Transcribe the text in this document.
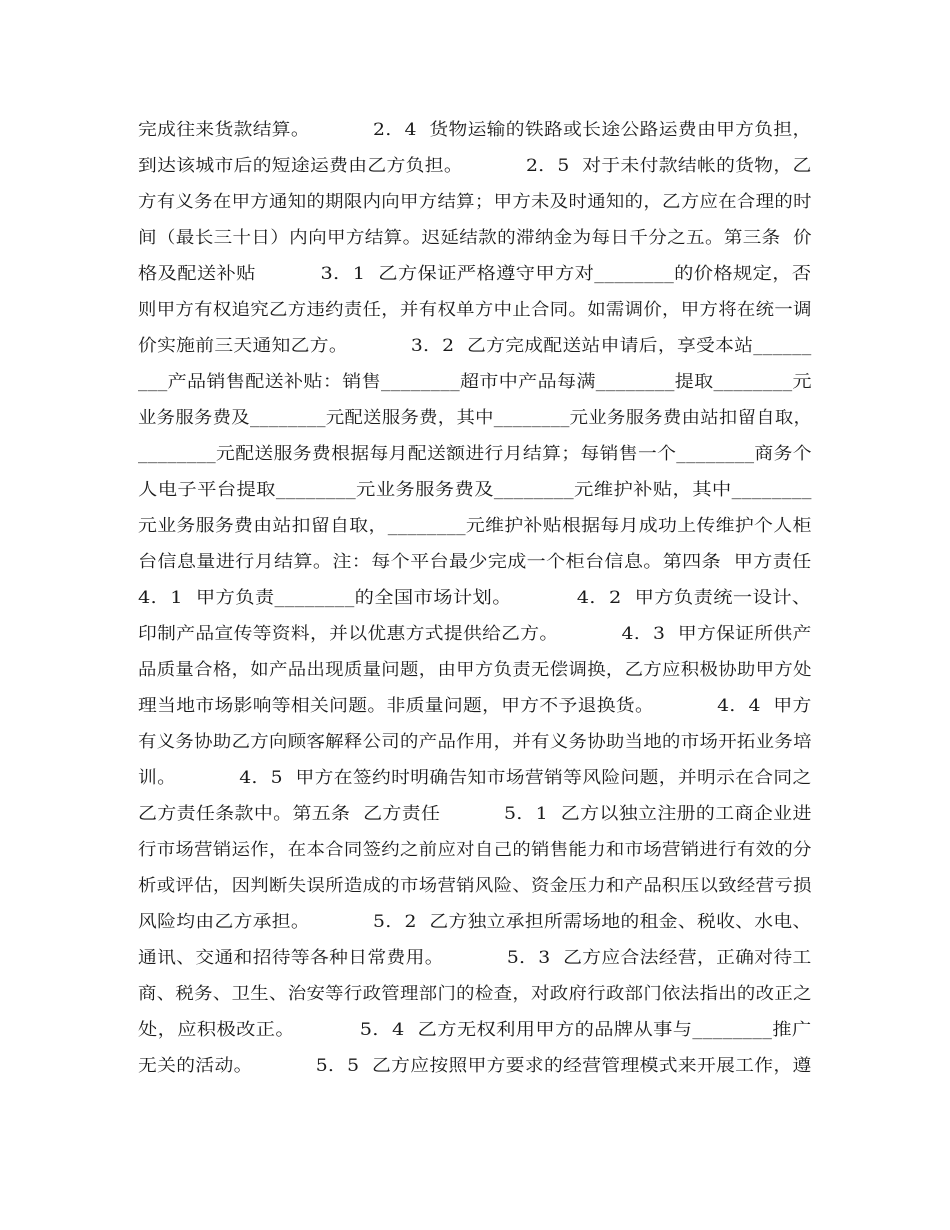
完成往来货款结算。          2．4  货物运输的铁路或长途公路运费由甲方负担，
到达该城市后的短途运费由乙方负担。          2．5  对于未付款结帐的货物，乙
方有义务在甲方通知的期限内向甲方结算；甲方未及时通知的，乙方应在合理的时
间（最长三十日）内向甲方结算。迟延结款的滞纳金为每日千分之五。第三条  价
格及配送补贴          3．1  乙方保证严格遵守甲方对________的价格规定，否
则甲方有权追究乙方违约责任，并有权单方中止合同。如需调价，甲方将在统一调
价实施前三天通知乙方。          3．2  乙方完成配送站申请后，享受本站______
___产品销售配送补贴：销售________超市中产品每满________提取________元
业务服务费及________元配送服务费，其中________元业务服务费由站扣留自取，
________元配送服务费根据每月配送额进行月结算；每销售一个________商务个
人电子平台提取________元业务服务费及________元维护补贴，其中________
元业务服务费由站扣留自取，________元维护补贴根据每月成功上传维护个人柜
台信息量进行月结算。注：每个平台最少完成一个柜台信息。第四条  甲方责任
4．1  甲方负责________的全国市场计划。          4．2  甲方负责统一设计、
印制产品宣传等资料，并以优惠方式提供给乙方。          4．3  甲方保证所供产
品质量合格，如产品出现质量问题，由甲方负责无偿调换，乙方应积极协助甲方处
理当地市场影响等相关问题。非质量问题，甲方不予退换货。          4．4  甲方
有义务协助乙方向顾客解释公司的产品作用，并有义务协助当地的市场开拓业务培
训。          4．5  甲方在签约时明确告知市场营销等风险问题，并明示在合同之
乙方责任条款中。第五条  乙方责任          5．1  乙方以独立注册的工商企业进
行市场营销运作，在本合同签约之前应对自己的销售能力和市场营销进行有效的分
析或评估，因判断失误所造成的市场营销风险、资金压力和产品积压以致经营亏损
风险均由乙方承担。          5．2  乙方独立承担所需场地的租金、税收、水电、
通讯、交通和招待等各种日常费用。          5．3  乙方应合法经营，正确对待工
商、税务、卫生、治安等行政管理部门的检查，对政府行政部门依法指出的改正之
处，应积极改正。          5．4  乙方无权利用甲方的品牌从事与________推广
无关的活动。          5．5  乙方应按照甲方要求的经营管理模式来开展工作，遵
